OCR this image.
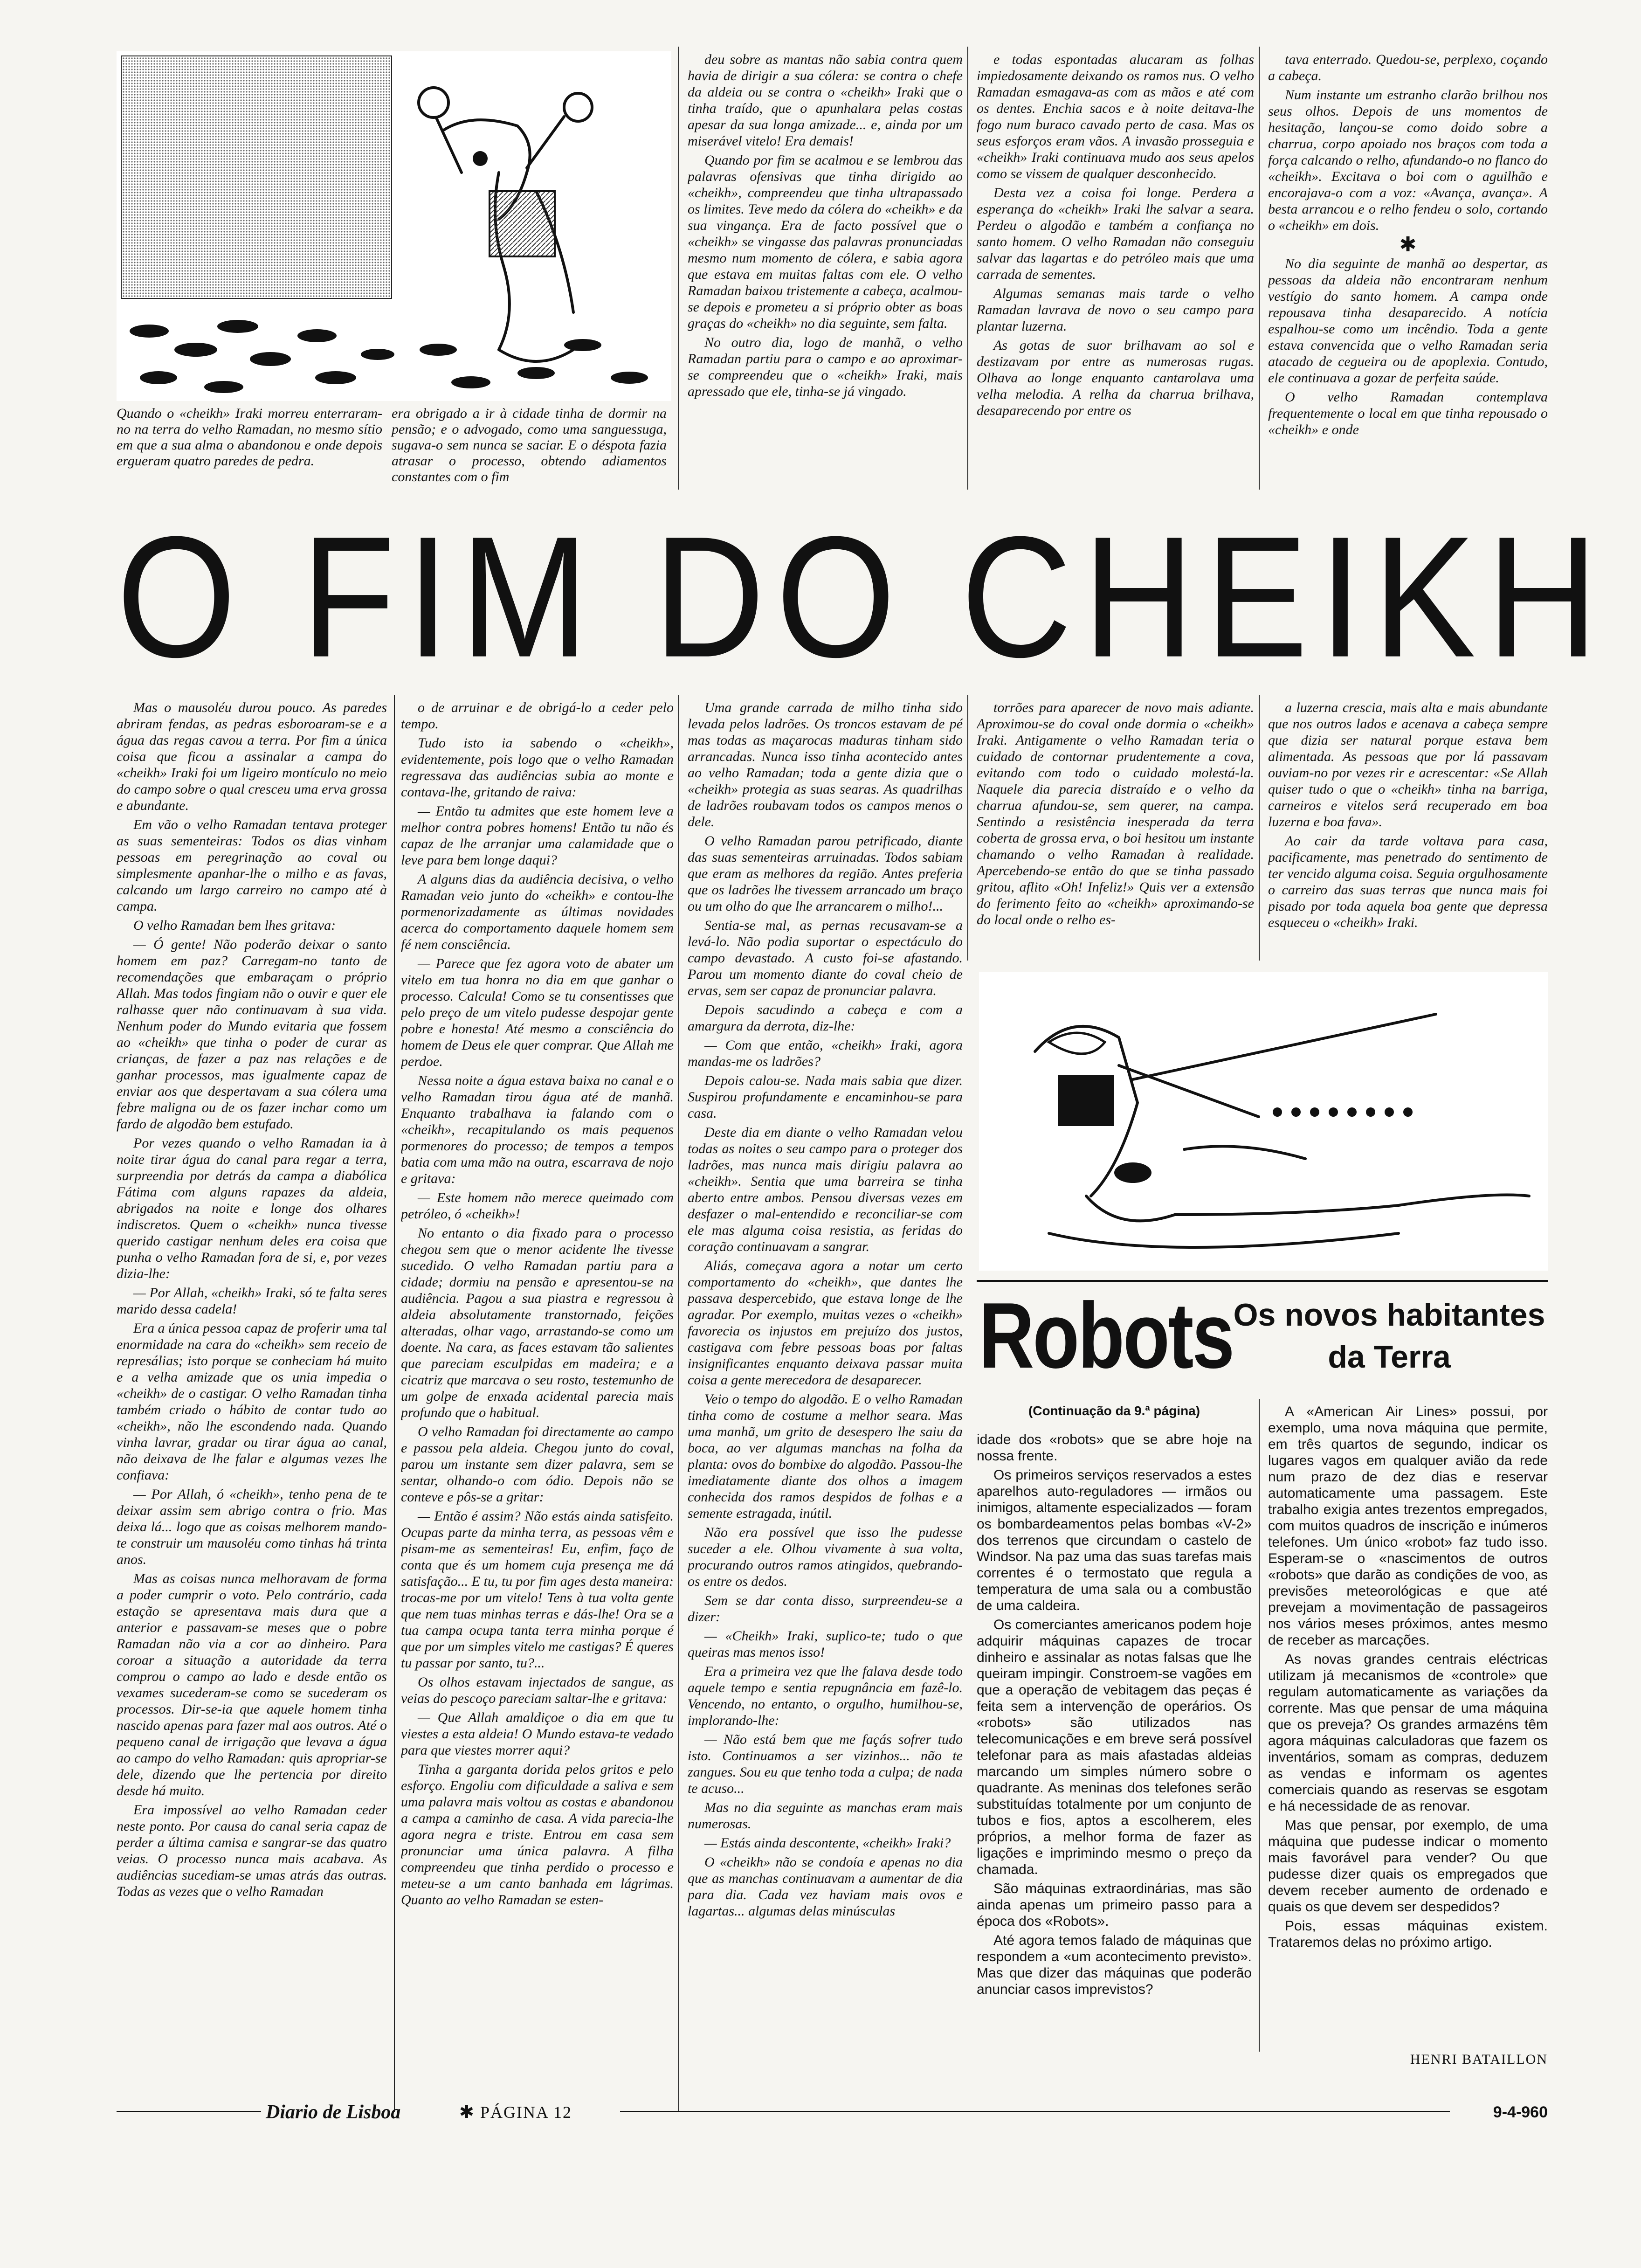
Quando o «cheikh» Iraki morreu enterraram-no na terra do velho Ramadan, no mesmo sítio em que a sua alma o abandonou e onde depois ergueram quatro paredes de pedra.
era obrigado a ir à cidade tinha de dormir na pensão; e o advogado, como uma sanguessuga, sugava-o sem nunca se saciar. E o déspota fazia atrasar o processo, obtendo adiamentos constantes com o fim

deu sobre as mantas não sabia contra quem havia de dirigir a sua cólera: se contra o chefe da aldeia ou se contra o «cheikh» Iraki que o tinha traído, que o apunhalara pelas costas apesar da sua longa amizade... e, ainda por um miserável vitelo! Era demais!

Quando por fim se acalmou e se lembrou das palavras ofensivas que tinha dirigido ao «cheikh», compreendeu que tinha ultrapassado os limites. Teve medo da cólera do «cheikh» e da sua vingança. Era de facto possível que o «cheikh» se vingasse das palavras pronunciadas mesmo num momento de cólera, e sabia agora que estava em muitas faltas com ele. O velho Ramadan baixou tristemente a cabeça, acalmou-se depois e prometeu a si próprio obter as boas graças do «cheikh» no dia seguinte, sem falta.

No outro dia, logo de manhã, o velho Ramadan partiu para o campo e ao aproximar-se compreendeu que o «cheikh» Iraki, mais apressado que ele, tinha-se já vingado.

e todas espontadas alucaram as folhas impiedosamente deixando os ramos nus. O velho Ramadan esmagava-as com as mãos e até com os dentes. Enchia sacos e à noite deitava-lhe fogo num buraco cavado perto de casa. Mas os seus esforços eram vãos. A invasão prosseguia e «cheikh» Iraki continuava mudo aos seus apelos como se vissem de qualquer desconhecido.

Desta vez a coisa foi longe. Perdera a esperança do «cheikh» Iraki lhe salvar a seara. Perdeu o algodão e também a confiança no santo homem. O velho Ramadan não conseguiu salvar das lagartas e do petróleo mais que uma carrada de sementes.

Algumas semanas mais tarde o velho Ramadan lavrava de novo o seu campo para plantar luzerna.

As gotas de suor brilhavam ao sol e destizavam por entre as numerosas rugas. Olhava ao longe enquanto cantarolava uma velha melodia. A relha da charrua brilhava, desaparecendo por entre os

tava enterrado. Quedou-se, perplexo, coçando a cabeça.

Num instante um estranho clarão brilhou nos seus olhos. Depois de uns momentos de hesitação, lançou-se como doido sobre a charrua, corpo apoiado nos braços com toda a força calcando o relho, afundando-o no flanco do «cheikh». Excitava o boi com o aguilhão e encorajava-o com a voz: «Avança, avança». A besta arrancou e o relho fendeu o solo, cortando o «cheikh» em dois.

✱

No dia seguinte de manhã ao despertar, as pessoas da aldeia não encontraram nenhum vestígio do santo homem. A campa onde repousava tinha desaparecido. A notícia espalhou-se como um incêndio. Toda a gente estava convencida que o velho Ramadan seria atacado de cegueira ou de apoplexia. Contudo, ele continuava a gozar de perfeita saúde.

O velho Ramadan contemplava frequentemente o local em que tinha repousado o «cheikh» e onde

O FIM DO CHEIKH

Mas o mausoléu durou pouco. As paredes abriram fendas, as pedras esboroaram-se e a água das regas cavou a terra. Por fim a única coisa que ficou a assinalar a campa do «cheikh» Iraki foi um ligeiro montículo no meio do campo sobre o qual cresceu uma erva grossa e abundante.

Em vão o velho Ramadan tentava proteger as suas sementeiras: Todos os dias vinham pessoas em peregrinação ao coval ou simplesmente apanhar-lhe o milho e as favas, calcando um largo carreiro no campo até à campa.

O velho Ramadan bem lhes gritava:

— Ó gente! Não poderão deixar o santo homem em paz? Carregam-no tanto de recomendações que embaraçam o próprio Allah. Mas todos fingiam não o ouvir e quer ele ralhasse quer não continuavam à sua vida. Nenhum poder do Mundo evitaria que fossem ao «cheikh» que tinha o poder de curar as crianças, de fazer a paz nas relações e de ganhar processos, mas igualmente capaz de enviar aos que despertavam a sua cólera uma febre maligna ou de os fazer inchar como um fardo de algodão bem estufado.

Por vezes quando o velho Ramadan ia à noite tirar água do canal para regar a terra, surpreendia por detrás da campa a diabólica Fátima com alguns rapazes da aldeia, abrigados na noite e longe dos olhares indiscretos. Quem o «cheikh» nunca tivesse querido castigar nenhum deles era coisa que punha o velho Ramadan fora de si, e, por vezes dizia-lhe:

— Por Allah, «cheikh» Iraki, só te falta seres marido dessa cadela!

Era a única pessoa capaz de proferir uma tal enormidade na cara do «cheikh» sem receio de represálias; isto porque se conheciam há muito e a velha amizade que os unia impedia o «cheikh» de o castigar. O velho Ramadan tinha também criado o hábito de contar tudo ao «cheikh», não lhe escondendo nada. Quando vinha lavrar, gradar ou tirar água ao canal, não deixava de lhe falar e algumas vezes lhe confiava:

— Por Allah, ó «cheikh», tenho pena de te deixar assim sem abrigo contra o frio. Mas deixa lá... logo que as coisas melhorem mando-te construir um mausoléu como tinhas há trinta anos.

Mas as coisas nunca melhoravam de forma a poder cumprir o voto. Pelo contrário, cada estação se apresentava mais dura que a anterior e passavam-se meses que o pobre Ramadan não via a cor ao dinheiro. Para coroar a situação a autoridade da terra comprou o campo ao lado e desde então os vexames sucederam-se como se sucederam os processos. Dir-se-ia que aquele homem tinha nascido apenas para fazer mal aos outros. Até o pequeno canal de irrigação que levava a água ao campo do velho Ramadan: quis apropriar-se dele, dizendo que lhe pertencia por direito desde há muito.

Era impossível ao velho Ramadan ceder neste ponto. Por causa do canal seria capaz de perder a última camisa e sangrar-se das quatro veias. O processo nunca mais acabava. As audiências sucediam-se umas atrás das outras. Todas as vezes que o velho Ramadan

o de arruinar e de obrigá-lo a ceder pelo tempo.

Tudo isto ia sabendo o «cheikh», evidentemente, pois logo que o velho Ramadan regressava das audiências subia ao monte e contava-lhe, gritando de raiva:

— Então tu admites que este homem leve a melhor contra pobres homens! Então tu não és capaz de lhe arranjar uma calamidade que o leve para bem longe daqui?

A alguns dias da audiência decisiva, o velho Ramadan veio junto do «cheikh» e contou-lhe pormenorizadamente as últimas novidades acerca do comportamento daquele homem sem fé nem consciência.

— Parece que fez agora voto de abater um vitelo em tua honra no dia em que ganhar o processo. Calcula! Como se tu consentisses que pelo preço de um vitelo pudesse despojar gente pobre e honesta! Até mesmo a consciência do homem de Deus ele quer comprar. Que Allah me perdoe.

Nessa noite a água estava baixa no canal e o velho Ramadan tirou água até de manhã. Enquanto trabalhava ia falando com o «cheikh», recapitulando os mais pequenos pormenores do processo; de tempos a tempos batia com uma mão na outra, escarrava de nojo e gritava:

— Este homem não merece queimado com petróleo, ó «cheikh»!

No entanto o dia fixado para o processo chegou sem que o menor acidente lhe tivesse sucedido. O velho Ramadan partiu para a cidade; dormiu na pensão e apresentou-se na audiência. Pagou a sua piastra e regressou à aldeia absolutamente transtornado, feições alteradas, olhar vago, arrastando-se como um doente. Na cara, as faces estavam tão salientes que pareciam esculpidas em madeira; e a cicatriz que marcava o seu rosto, testemunho de um golpe de enxada acidental parecia mais profundo que o habitual.

O velho Ramadan foi directamente ao campo e passou pela aldeia. Chegou junto do coval, parou um instante sem dizer palavra, sem se sentar, olhando-o com ódio. Depois não se conteve e pôs-se a gritar:

— Então é assim? Não estás ainda satisfeito. Ocupas parte da minha terra, as pessoas vêm e pisam-me as sementeiras! Eu, enfim, faço de conta que és um homem cuja presença me dá satisfação... E tu, tu por fim ages desta maneira: trocas-me por um vitelo! Tens à tua volta gente que nem tuas minhas terras e dás-lhe! Ora se a tua campa ocupa tanta terra minha porque é que por um simples vitelo me castigas? É queres tu passar por santo, tu?...

Os olhos estavam injectados de sangue, as veias do pescoço pareciam saltar-lhe e gritava:

— Que Allah amaldiçoe o dia em que tu viestes a esta aldeia! O Mundo estava-te vedado para que viestes morrer aqui?

Tinha a garganta dorida pelos gritos e pelo esforço. Engoliu com dificuldade a saliva e sem uma palavra mais voltou as costas e abandonou a campa a caminho de casa. A vida parecia-lhe agora negra e triste. Entrou em casa sem pronunciar uma única palavra. A filha compreendeu que tinha perdido o processo e meteu-se a um canto banhada em lágrimas. Quanto ao velho Ramadan se esten-

Uma grande carrada de milho tinha sido levada pelos ladrões. Os troncos estavam de pé mas todas as maçarocas maduras tinham sido arrancadas. Nunca isso tinha acontecido antes ao velho Ramadan; toda a gente dizia que o «cheikh» protegia as suas searas. As quadrilhas de ladrões roubavam todos os campos menos o dele.

O velho Ramadan parou petrificado, diante das suas sementeiras arruinadas. Todos sabiam que eram as melhores da região. Antes preferia que os ladrões lhe tivessem arrancado um braço ou um olho do que lhe arrancarem o milho!...

Sentia-se mal, as pernas recusavam-se a levá-lo. Não podia suportar o espectáculo do campo devastado. A custo foi-se afastando. Parou um momento diante do coval cheio de ervas, sem ser capaz de pronunciar palavra.

Depois sacudindo a cabeça e com a amargura da derrota, diz-lhe:

— Com que então, «cheikh» Iraki, agora mandas-me os ladrões?

Depois calou-se. Nada mais sabia que dizer. Suspirou profundamente e encaminhou-se para casa.

Deste dia em diante o velho Ramadan velou todas as noites o seu campo para o proteger dos ladrões, mas nunca mais dirigiu palavra ao «cheikh». Sentia que uma barreira se tinha aberto entre ambos. Pensou diversas vezes em desfazer o mal-entendido e reconciliar-se com ele mas alguma coisa resistia, as feridas do coração continuavam a sangrar.

Aliás, começava agora a notar um certo comportamento do «cheikh», que dantes lhe passava despercebido, que estava longe de lhe agradar. Por exemplo, muitas vezes o «cheikh» favorecia os injustos em prejuízo dos justos, castigava com febre pessoas boas por faltas insignificantes enquanto deixava passar muita coisa a gente merecedora de desaparecer.

Veio o tempo do algodão. E o velho Ramadan tinha como de costume a melhor seara. Mas uma manhã, um grito de desespero lhe saiu da boca, ao ver algumas manchas na folha da planta: ovos do bombixe do algodão. Passou-lhe imediatamente diante dos olhos a imagem conhecida dos ramos despidos de folhas e a semente estragada, inútil.

Não era possível que isso lhe pudesse suceder a ele. Olhou vivamente à sua volta, procurando outros ramos atingidos, quebrando-os entre os dedos.

Sem se dar conta disso, surpreendeu-se a dizer:

— «Cheikh» Iraki, suplico-te; tudo o que queiras mas menos isso!

Era a primeira vez que lhe falava desde todo aquele tempo e sentia repugnância em fazê-lo. Vencendo, no entanto, o orgulho, humilhou-se, implorando-lhe:

— Não está bem que me façás sofrer tudo isto. Continuamos a ser vizinhos... não te zangues. Sou eu que tenho toda a culpa; de nada te acuso...

Mas no dia seguinte as manchas eram mais numerosas.

— Estás ainda descontente, «cheikh» Iraki?

O «cheikh» não se condoía e apenas no dia que as manchas continuavam a aumentar de dia para dia. Cada vez haviam mais ovos e lagartas... algumas delas minúsculas

torrões para aparecer de novo mais adiante. Aproximou-se do coval onde dormia o «cheikh» Iraki. Antigamente o velho Ramadan teria o cuidado de contornar prudentemente a cova, evitando com todo o cuidado molestá-la. Naquele dia parecia distraído e o velho da charrua afundou-se, sem querer, na campa. Sentindo a resistência inesperada da terra coberta de grossa erva, o boi hesitou um instante chamando o velho Ramadan à realidade. Apercebendo-se então do que se tinha passado gritou, aflito «Oh! Infeliz!» Quis ver a extensão do ferimento feito ao «cheikh» aproximando-se do local onde o relho es-

a luzerna crescia, mais alta e mais abundante que nos outros lados e acenava a cabeça sempre que dizia ser natural porque estava bem alimentada. As pessoas que por lá passavam ouviam-no por vezes rir e acrescentar: «Se Allah quiser tudo o que o «cheikh» tinha na barriga, carneiros e vitelos será recuperado em boa luzerna e boa fava».

Ao cair da tarde voltava para casa, pacificamente, mas penetrado do sentimento de ter vencido alguma coisa. Seguia orgulhosamente o carreiro das suas terras que nunca mais foi pisado por toda aquela boa gente que depressa esqueceu o «cheikh» Iraki.

Robots Os novos habitantes
da Terra
(Continuação da 9.ª página)

idade dos «robots» que se abre hoje na nossa frente.

Os primeiros serviços reservados a estes aparelhos auto-reguladores — irmãos ou inimigos, altamente especializados — foram os bombardeamentos pelas bombas «V-2» dos terrenos que circundam o castelo de Windsor. Na paz uma das suas tarefas mais correntes é o termostato que regula a temperatura de uma sala ou a combustão de uma caldeira.

Os comerciantes americanos podem hoje adquirir máquinas capazes de trocar dinheiro e assinalar as notas falsas que lhe queiram impingir. Constroem-se vagões em que a operação de vebitagem das peças é feita sem a intervenção de operários. Os «robots» são utilizados nas telecomunicações e em breve será possível telefonar para as mais afastadas aldeias marcando um simples número sobre o quadrante. As meninas dos telefones serão substituídas totalmente por um conjunto de tubos e fios, aptos a escolherem, eles próprios, a melhor forma de fazer as ligações e imprimindo mesmo o preço da chamada.

São máquinas extraordinárias, mas são ainda apenas um primeiro passo para a época dos «Robots».

Até agora temos falado de máquinas que respondem a «um acontecimento previsto». Mas que dizer das máquinas que poderão anunciar casos imprevistos?

A «American Air Lines» possui, por exemplo, uma nova máquina que permite, em três quartos de segundo, indicar os lugares vagos em qualquer avião da rede num prazo de dez dias e reservar automaticamente uma passagem. Este trabalho exigia antes trezentos empregados, com muitos quadros de inscrição e inúmeros telefones. Um único «robot» faz tudo isso. Esperam-se o «nascimentos de outros «robots» que darão as condições de voo, as previsões meteorológicas e que até prevejam a movimentação de passageiros nos vários meses próximos, antes mesmo de receber as marcações.

As novas grandes centrais eléctricas utilizam já mecanismos de «controle» que regulam automaticamente as variações da corrente. Mas que pensar de uma máquina que os preveja? Os grandes armazéns têm agora máquinas calculadoras que fazem os inventários, somam as compras, deduzem as vendas e informam os agentes comerciais quando as reservas se esgotam e há necessidade de as renovar.

Mas que pensar, por exemplo, de uma máquina que pudesse indicar o momento mais favorável para vender? Ou que pudesse dizer quais os empregados que devem receber aumento de ordenado e quais os que devem ser despedidos?

Pois, essas máquinas existem. Trataremos delas no próximo artigo.

HENRI BATAILLON
Diario de Lisboa	✱ PÁGINA 12	9-4-960
